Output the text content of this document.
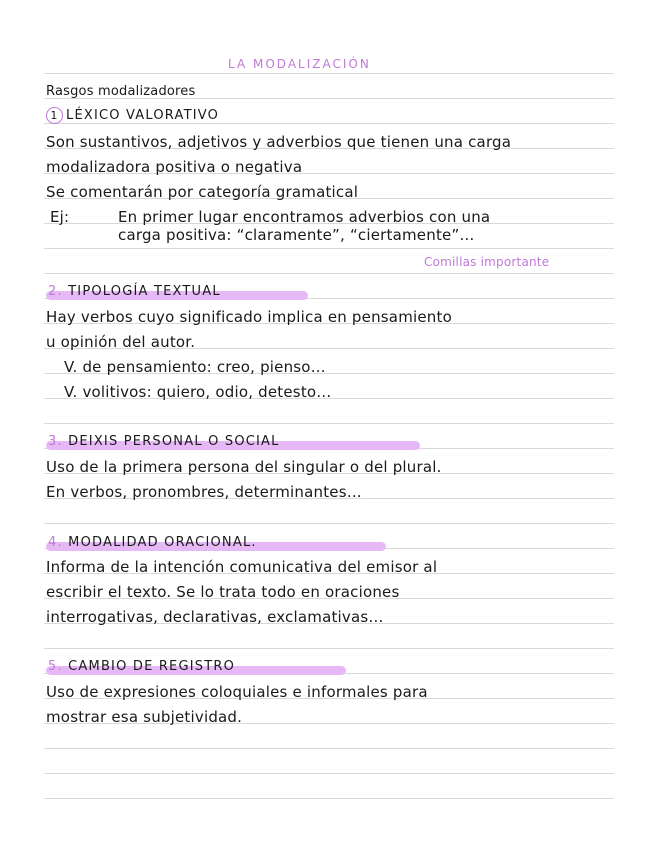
LA MODALIZACIÓN
Rasgos modalizadores
1 LÉXICO VALORATIVO
Son sustantivos, adjetivos y adverbios que tienen una carga
modalizadora positiva o negativa
Se comentarán por categoría gramatical
Ej:	En primer lugar encontramos adverbios con una
carga positiva: “claramente”, “ciertamente”…
Comillas importante
2. TIPOLOGÍA TEXTUAL
Hay verbos cuyo significado implica en pensamiento
u opinión del autor.
V. de pensamiento: creo, pienso…
V. volitivos: quiero, odio, detesto…
3. DEIXIS PERSONAL O SOCIAL
Uso de la primera persona del singular o del plural.
En verbos, pronombres, determinantes…
4. MODALIDAD ORACIONAL.
Informa de la intención comunicativa del emisor al
escribir el texto. Se lo trata todo en oraciones
interrogativas, declarativas, exclamativas…
5. CAMBIO DE REGISTRO
Uso de expresiones coloquiales e informales para
mostrar esa subjetividad.
